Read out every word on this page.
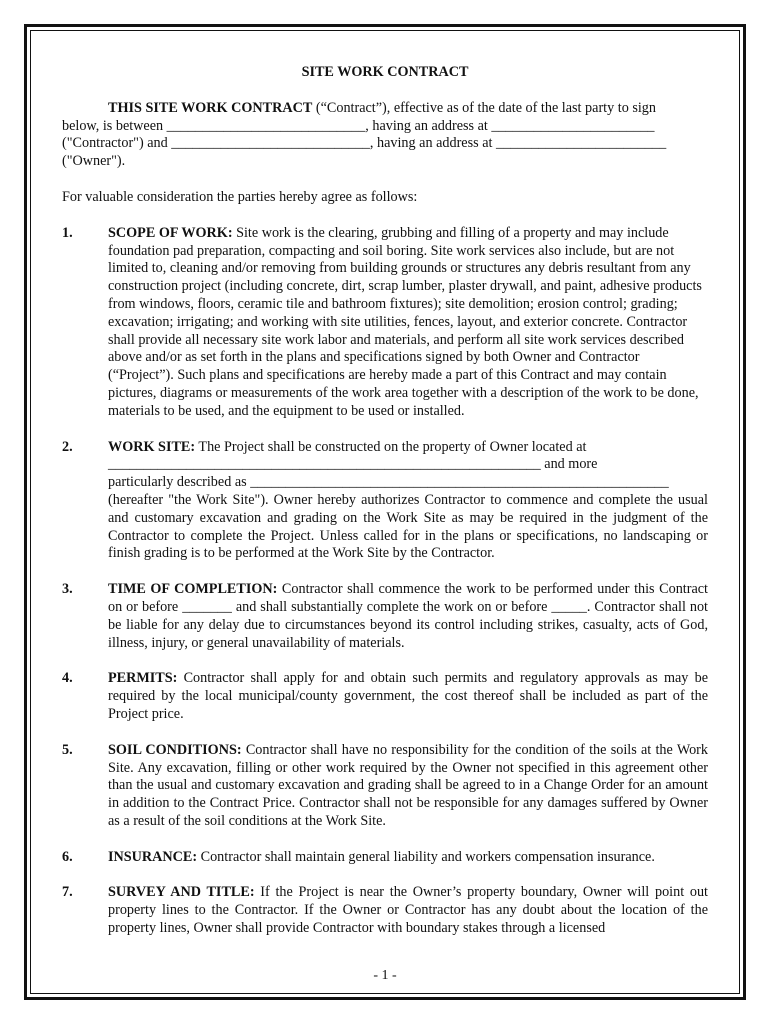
SITE WORK CONTRACT
THIS SITE WORK CONTRACT (“Contract”), effective as of the date of the last party to sign
below, is between ____________________________, having an address at _______________________
("Contractor") and ____________________________, having an address at ________________________
("Owner").
For valuable consideration the parties hereby agree as follows:
1.	SCOPE OF WORK: Site work is the clearing, grubbing and filling of a property and may include foundation pad preparation, compacting and soil boring. Site work services also include, but are not limited to, cleaning and/or removing from building grounds or structures any debris resultant from any construction project (including concrete, dirt, scrap lumber, plaster drywall, and paint, adhesive products from windows, floors, ceramic tile and bathroom fixtures); site demolition; erosion control; grading; excavation; irrigating; and working with site utilities, fences, layout, and exterior concrete. Contractor shall provide all necessary site work labor and materials, and perform all site work services described above and/or as set forth in the plans and specifications signed by both Owner and Contractor (“Project”). Such plans and specifications are hereby made a part of this Contract and may contain pictures, diagrams or measurements of the work area together with a description of the work to be done, materials to be used, and the equipment to be used or installed.
2.	WORK SITE: The Project shall be constructed on the property of Owner located at
_____________________________________________________________ and more
particularly described as ___________________________________________________________
(hereafter "the Work Site"). Owner hereby authorizes Contractor to commence and complete the usual and customary excavation and grading on the Work Site as may be required in the judgment of the Contractor to complete the Project. Unless called for in the plans or specifications, no landscaping or finish grading is to be performed at the Work Site by the Contractor.
3.	TIME OF COMPLETION: Contractor shall commence the work to be performed under this Contract on or before _______ and shall substantially complete the work on or before _____. Contractor shall not be liable for any delay due to circumstances beyond its control including strikes, casualty, acts of God, illness, injury, or general unavailability of materials.
4.	PERMITS: Contractor shall apply for and obtain such permits and regulatory approvals as may be required by the local municipal/county government, the cost thereof shall be included as part of the Project price.
5.	SOIL CONDITIONS: Contractor shall have no responsibility for the condition of the soils at the Work Site. Any excavation, filling or other work required by the Owner not specified in this agreement other than the usual and customary excavation and grading shall be agreed to in a Change Order for an amount in addition to the Contract Price. Contractor shall not be responsible for any damages suffered by Owner as a result of the soil conditions at the Work Site.
6.	INSURANCE: Contractor shall maintain general liability and workers compensation insurance.
7.	SURVEY AND TITLE: If the Project is near the Owner’s property boundary, Owner will point out property lines to the Contractor. If the Owner or Contractor has any doubt about the location of the property lines, Owner shall provide Contractor with boundary stakes through a licensed
- 1 -
